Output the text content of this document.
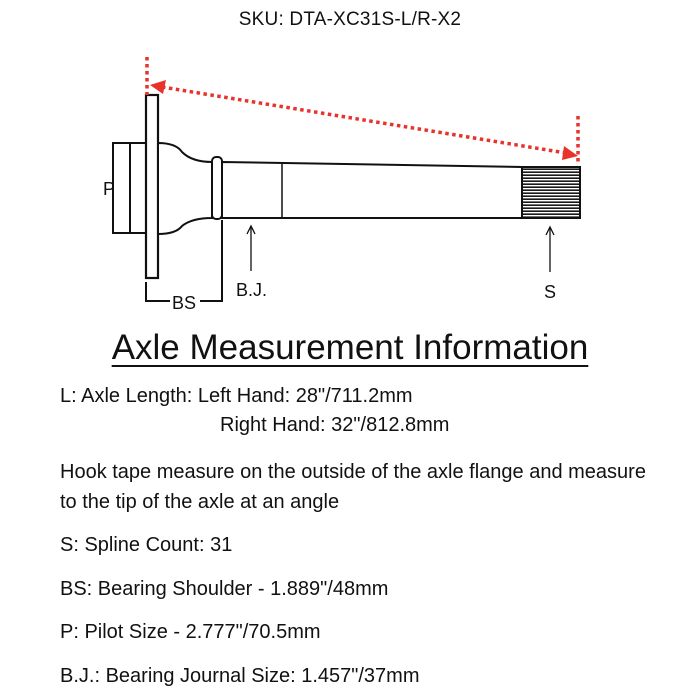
SKU: DTA-XC31S-L/R-X2
P
BS
B.J.	S
Axle Measurement Information
L: Axle Length: Left Hand: 28"/711.2mm
Right Hand: 32"/812.8mm
Hook tape measure on the outside of the axle flange and measure to the tip of the axle at an angle
S: Spline Count: 31
BS: Bearing Shoulder - 1.889"/48mm
P: Pilot Size - 2.777"/70.5mm
B.J.: Bearing Journal Size: 1.457"/37mm
